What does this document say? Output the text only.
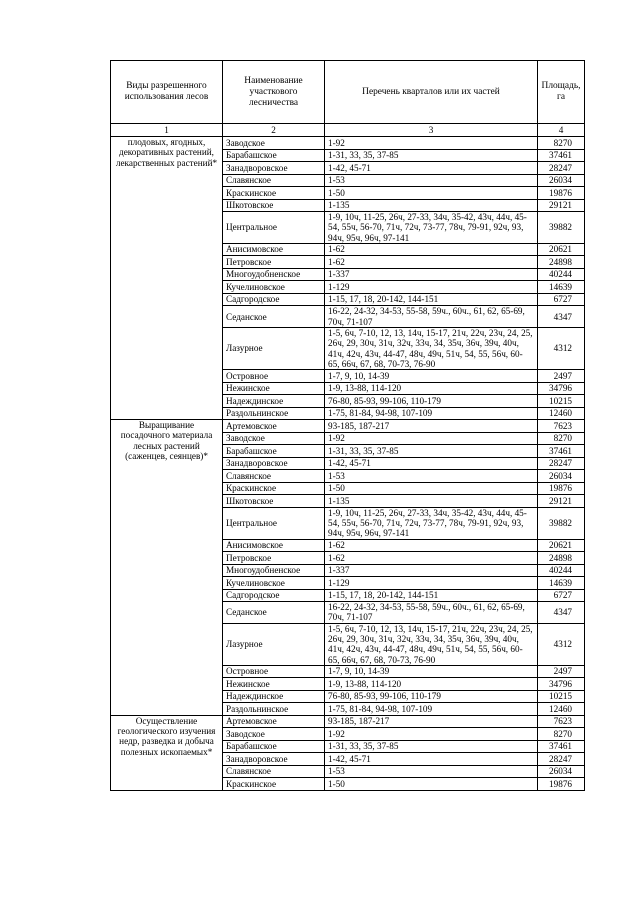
Виды разрешенного использования лесов	Наименование участкового лесничества	Перечень кварталов или их частей	Площадь, га
1	2	3	4
плодовых, ягодных, декоративных растений, лекарственных растений*	Заводское	1-92	8270
	Барабашское	1-31, 33, 35, 37-85	37461
	Занадворовское	1-42, 45-71	28247
	Славянское	1-53	26034
	Краскинское	1-50	19876
	Шкотовское	1-135	29121
	Центральное	1-9, 10ч, 11-25, 26ч, 27-33, 34ч, 35-42, 43ч, 44ч, 45-54, 55ч, 56-70, 71ч, 72ч, 73-77, 78ч, 79-91, 92ч, 93, 94ч, 95ч, 96ч, 97-141	39882
	Анисимовское	1-62	20621
	Петровское	1-62	24898
	Многоудобненское	1-337	40244
	Кучелиновское	1-129	14639
	Садгородское	1-15, 17, 18, 20-142, 144-151	6727
	Седанское	16-22, 24-32, 34-53, 55-58, 59ч., 60ч., 61, 62, 65-69, 70ч, 71-107	4347
	Лазурное	1-5, 6ч, 7-10, 12, 13, 14ч, 15-17, 21ч, 22ч, 23ч, 24, 25, 26ч, 29, 30ч, 31ч, 32ч, 33ч, 34, 35ч, 36ч, 39ч, 40ч, 41ч, 42ч, 43ч, 44-47, 48ч, 49ч, 51ч, 54, 55, 56ч, 60-65, 66ч, 67, 68, 70-73, 76-90	4312
	Островное	1-7, 9, 10, 14-39	2497
	Нежинское	1-9, 13-88, 114-120	34796
	Надеждинское	76-80, 85-93, 99-106, 110-179	10215
	Раздольнинское	1-75, 81-84, 94-98, 107-109	12460
Выращивание посадочного материала лесных растений (саженцев, сеянцев)*	Артемовское	93-185, 187-217	7623
	Заводское	1-92	8270
	Барабашское	1-31, 33, 35, 37-85	37461
	Занадворовское	1-42, 45-71	28247
	Славянское	1-53	26034
	Краскинское	1-50	19876
	Шкотовское	1-135	29121
	Центральное	1-9, 10ч, 11-25, 26ч, 27-33, 34ч, 35-42, 43ч, 44ч, 45-54, 55ч, 56-70, 71ч, 72ч, 73-77, 78ч, 79-91, 92ч, 93, 94ч, 95ч, 96ч, 97-141	39882
	Анисимовское	1-62	20621
	Петровское	1-62	24898
	Многоудобненское	1-337	40244
	Кучелиновское	1-129	14639
	Садгородское	1-15, 17, 18, 20-142, 144-151	6727
	Седанское	16-22, 24-32, 34-53, 55-58, 59ч., 60ч., 61, 62, 65-69, 70ч, 71-107	4347
	Лазурное	1-5, 6ч, 7-10, 12, 13, 14ч, 15-17, 21ч, 22ч, 23ч, 24, 25, 26ч, 29, 30ч, 31ч, 32ч, 33ч, 34, 35ч, 36ч, 39ч, 40ч, 41ч, 42ч, 43ч, 44-47, 48ч, 49ч, 51ч, 54, 55, 56ч, 60-65, 66ч, 67, 68, 70-73, 76-90	4312
	Островное	1-7, 9, 10, 14-39	2497
	Нежинское	1-9, 13-88, 114-120	34796
	Надеждинское	76-80, 85-93, 99-106, 110-179	10215
	Раздольнинское	1-75, 81-84, 94-98, 107-109	12460
Осуществление геологического изучения недр, разведка и добыча полезных ископаемых*	Артемовское	93-185, 187-217	7623
	Заводское	1-92	8270
	Барабашское	1-31, 33, 35, 37-85	37461
	Занадворовское	1-42, 45-71	28247
	Славянское	1-53	26034
	Краскинское	1-50	19876
